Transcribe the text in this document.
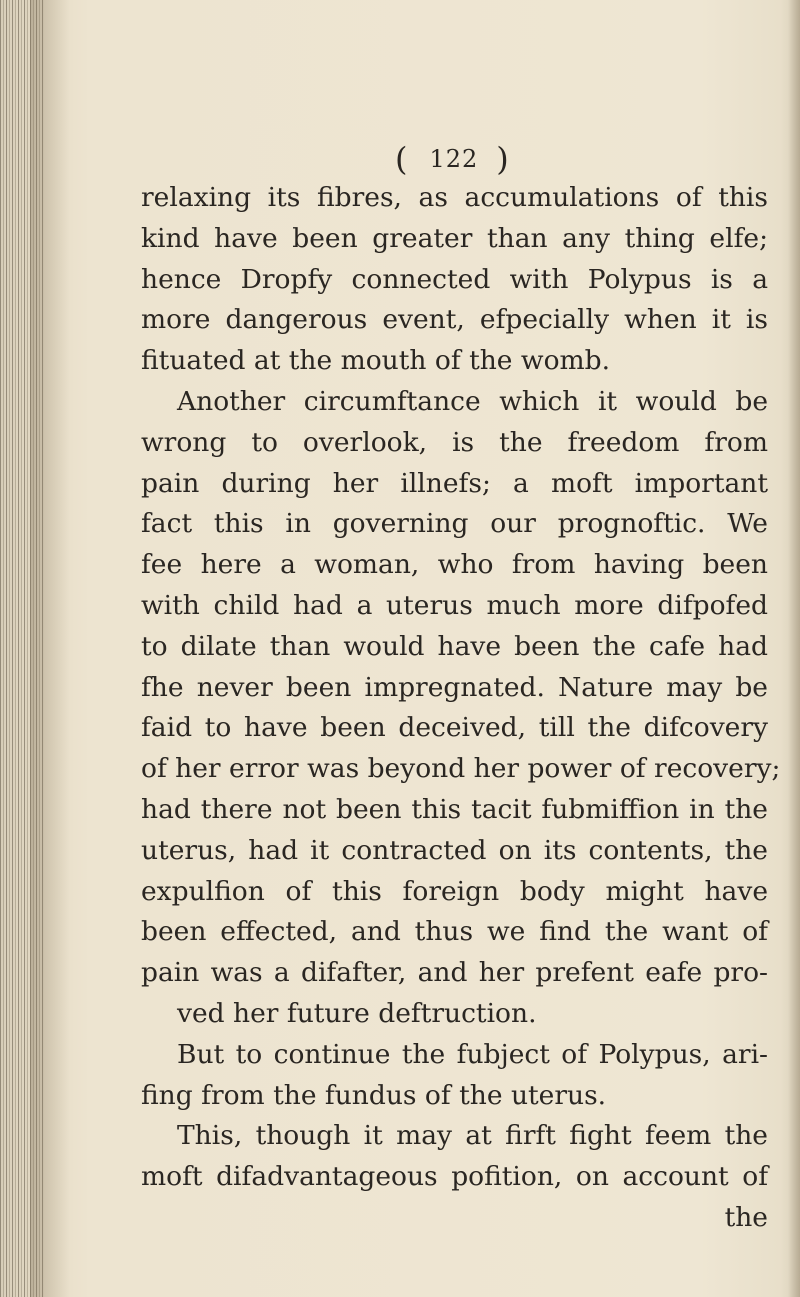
( 122 )
relaxing its fibres, as accumulations of this
kind have been greater than any thing elfe;
hence Dropfy connected with Polypus is a
more dangerous event, efpecially when it is
fituated at the mouth of the womb.
Another circumftance which it would be
wrong to overlook, is the freedom from
pain during her illnefs; a moft important
fact this in governing our prognoftic. We
fee here a woman, who from having been
with child had a uterus much more difpofed
to dilate than would have been the cafe had
fhe never been impregnated. Nature may be
faid to have been deceived, till the difcovery
of her error was beyond her power of recovery;
had there not been this tacit fubmiffion in the
uterus, had it contracted on its contents, the
expulfion of this foreign body might have
been effected, and thus we find the want of
pain was a difafter, and her prefent eafe pro-
ved her future deftruction.
But to continue the fubject of Polypus, ari-
fing from the fundus of the uterus.
This, though it may at firft fight feem the
moft difadvantageous pofition, on account of
the
